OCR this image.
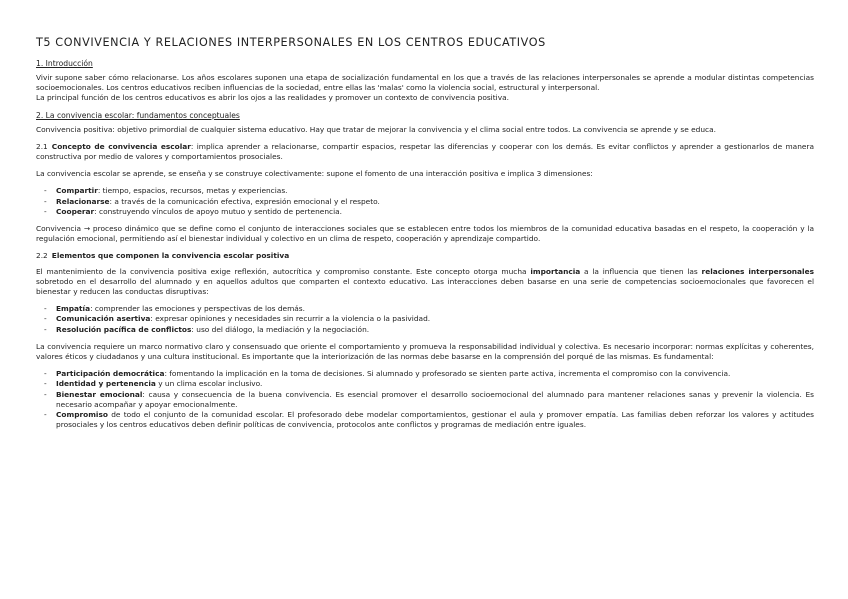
T5 CONVIVENCIA Y RELACIONES INTERPERSONALES EN LOS CENTROS EDUCATIVOS
1. Introducción

Vivir supone saber cómo relacionarse. Los años escolares suponen una etapa de socialización fundamental en los que a través de las relaciones interpersonales se aprende a modular distintas competencias socioemocionales. Los centros educativos reciben influencias de la sociedad, entre ellas las 'malas' como la violencia social, estructural y interpersonal.

La principal función de los centros educativos es abrir los ojos a las realidades y promover un contexto de convivencia positiva.

2. La convivencia escolar: fundamentos conceptuales

Convivencia positiva: objetivo primordial de cualquier sistema educativo. Hay que tratar de mejorar la convivencia y el clima social entre todos. La convivencia se aprende y se educa.

2.1 Concepto de convivencia escolar: implica aprender a relacionarse, compartir espacios, respetar las diferencias y cooperar con los demás. Es evitar conflictos y aprender a gestionarlos de manera constructiva por medio de valores y comportamientos prosociales.

La convivencia escolar se aprende, se enseña y se construye colectivamente: supone el fomento de una interacción positiva e implica 3 dimensiones:

- Compartir: tiempo, espacios, recursos, metas y experiencias.
- Relacionarse: a través de la comunicación efectiva, expresión emocional y el respeto.
- Cooperar: construyendo vínculos de apoyo mutuo y sentido de pertenencia.

Convivencia → proceso dinámico que se define como el conjunto de interacciones sociales que se establecen entre todos los miembros de la comunidad educativa basadas en el respeto, la cooperación y la regulación emocional, permitiendo así el bienestar individual y colectivo en un clima de respeto, cooperación y aprendizaje compartido.

2.2 Elementos que componen la convivencia escolar positiva

El mantenimiento de la convivencia positiva exige reflexión, autocrítica y compromiso constante. Este concepto otorga mucha importancia a la influencia que tienen las relaciones interpersonales sobretodo en el desarrollo del alumnado y en aquellos adultos que comparten el contexto educativo. Las interacciones deben basarse en una serie de competencias socioemocionales que favorecen el bienestar y reducen las conductas disruptivas:

- Empatía: comprender las emociones y perspectivas de los demás.
- Comunicación asertiva: expresar opiniones y necesidades sin recurrir a la violencia o la pasividad.
- Resolución pacífica de conflictos: uso del diálogo, la mediación y la negociación.

La convivencia requiere un marco normativo claro y consensuado que oriente el comportamiento y promueva la responsabilidad individual y colectiva. Es necesario incorporar: normas explícitas y coherentes, valores éticos y ciudadanos y una cultura institucional. Es importante que la interiorización de las normas debe basarse en la comprensión del porqué de las mismas. Es fundamental:

- Participación democrática: fomentando la implicación en la toma de decisiones. Si alumnado y profesorado se sienten parte activa, incrementa el compromiso con la convivencia.
- Identidad y pertenencia y un clima escolar inclusivo.
- Bienestar emocional: causa y consecuencia de la buena convivencia. Es esencial promover el desarrollo socioemocional del alumnado para mantener relaciones sanas y prevenir la violencia. Es necesario acompañar y apoyar emocionalmente.
- Compromiso de todo el conjunto de la comunidad escolar. El profesorado debe modelar comportamientos, gestionar el aula y promover empatía. Las familias deben reforzar los valores y actitudes prosociales y los centros educativos deben definir políticas de convivencia, protocolos ante conflictos y programas de mediación entre iguales.
